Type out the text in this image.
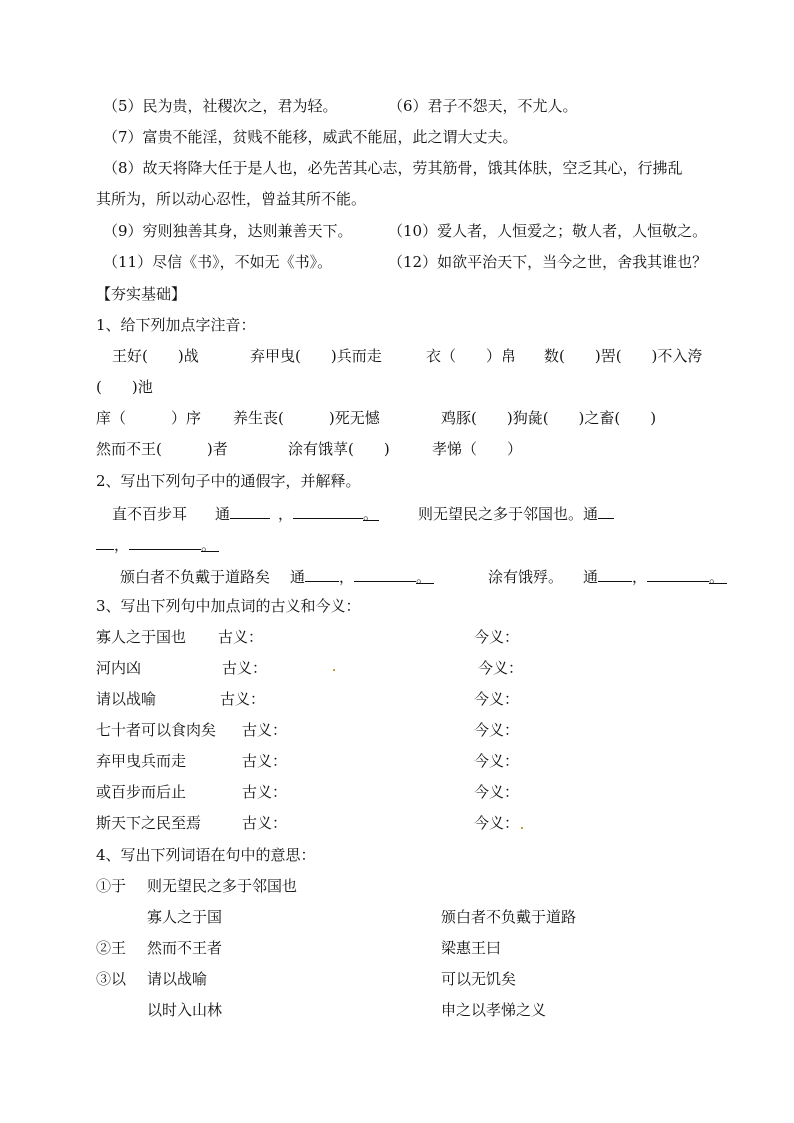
（5）民为贵，社稷次之，君为轻。	（6）君子不怨天，不尤人。
（7）富贵不能淫，贫贱不能移，威武不能屈，此之谓大丈夫。
（8）故天将降大任于是人也，必先苦其心志，劳其筋骨，饿其体肤，空乏其心，行拂乱
其所为，所以动心忍性，曾益其所不能。
（9）穷则独善其身，达则兼善天下。 （10）爱人者，人恒爱之；敬人者，人恒敬之。
（11）尽信《书》，不如无《书》。	（12）如欲平治天下，当今之世，舍我其谁也？
【夯实基础】
1、给下列加点字注音：
王好(　　)战	弃甲曳(　　)兵而走	衣（　　）帛 数(　　)罟(　　)不入洿
(　　)池
庠（　　　）序 养生丧(　　　)死无憾	鸡豚(　　)狗彘(　　)之畜(　　)
然而不王(　　　)者	涂有饿莩(　　)	孝悌（　　）
2、写出下列句子中的通假字，并解释。
直不百步耳 通	，	。	则无望民之多于邻国也。通
，	。
颁白者不负戴于道路矣 通 ，	。	涂有饿殍。 通 ，	。
3、写出下列句中加点词的古义和今义：
寡人之于国也 古义：	今义：
河内凶	古义：	今义：
请以战喻	古义：	今义：
七十者可以食肉矣 古义：	今义：
弃甲曳兵而走	古义：	今义：
或百步而后止	古义：	今义：
斯天下之民至焉	古义：	今义：
4、写出下列词语在句中的意思：
①于 则无望民之多于邻国也
寡人之于国	颁白者不负戴于道路
②王 然而不王者	梁惠王曰
③以 请以战喻	可以无饥矣
以时入山林	申之以孝悌之义
